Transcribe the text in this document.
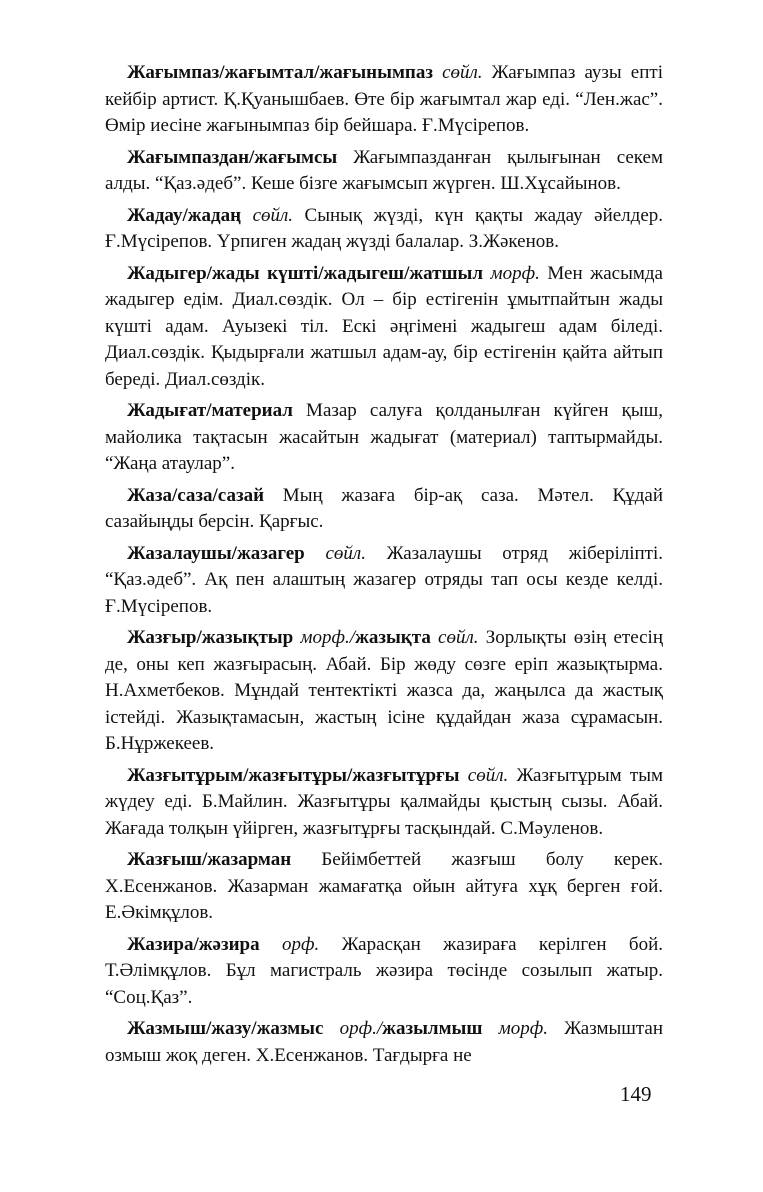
Жағымпаз/жағымтал/жағынымпаз сөйл. Жағымпаз аузы епті кейбір артист. Қ.Қуанышбаев. Өте бір жағымтал жар еді. “Лен.жас”. Өмір иесіне жағынымпаз бір бейшара. Ғ.Мүсірепов.

Жағымпаздан/жағымсы Жағымпазданған қылығынан секем алды. “Қаз.әдеб”. Кеше бізге жағымсып жүрген. Ш.Хұсайынов.

Жадау/жадаң сөйл. Сынық жүзді, күн қақты жадау әйелдер. Ғ.Мүсірепов. Үрпиген жадаң жүзді балалар. З.Жәкенов.

Жадыгер/жады күшті/жадыгеш/жатшыл морф. Мен жасымда жадыгер едім. Диал.сөздік. Ол – бір естігенін ұмытпайтын жады күшті адам. Ауызекі тіл. Ескі әңгімені жадыгеш адам біледі. Диал.сөздік. Қыдырғали жатшыл адам-ау, бір естігенін қайта айтып береді. Диал.сөздік.

Жадығат/материал Мазар салуға қолданылған күйген қыш, майолика тақтасын жасайтын жадығат (материал) таптырмайды. “Жаңа атаулар”.

Жаза/саза/сазай Мың жазаға бір-ақ саза. Мәтел. Құдай сазайыңды берсін. Қарғыс.

Жазалаушы/жазагер сөйл. Жазалаушы отряд жіберіліпті. “Қаз.әдеб”. Ақ пен алаштың жазагер отряды тап осы кезде келді. Ғ.Мүсірепов.

Жазғыр/жазықтыр морф./жазықта сөйл. Зорлықты өзің етесің де, оны кеп жазғырасың. Абай. Бір жөду сөзге еріп жазықтырма. Н.Ахметбеков. Мұндай тентектікті жазса да, жаңылса да жастық істейді. Жазықтамасын, жастың ісіне құдайдан жаза сұрамасын. Б.Нұржекеев.

Жазғытұрым/жазғытұры/жазғытұрғы сөйл. Жазғытұрым тым жүдеу еді. Б.Майлин. Жазғытұры қалмайды қыстың сызы. Абай. Жағада толқын үйірген, жазғытұрғы тасқындай. С.Мәуленов.

Жазғыш/жазарман Бейімбеттей жазғыш болу керек. Х.Есенжанов. Жазарман жамағатқа ойын айтуға хұқ берген ғой. Е.Әкімқұлов.

Жазира/жәзира орф. Жарасқан жазираға керілген бой. Т.Әлімқұлов. Бұл магистраль жәзира төсінде созылып жатыр. “Соц.Қаз”.

Жазмыш/жазу/жазмыс орф./жазылмыш морф. Жазмыштан озмыш жоқ деген. Х.Есенжанов. Тағдырға не

149
